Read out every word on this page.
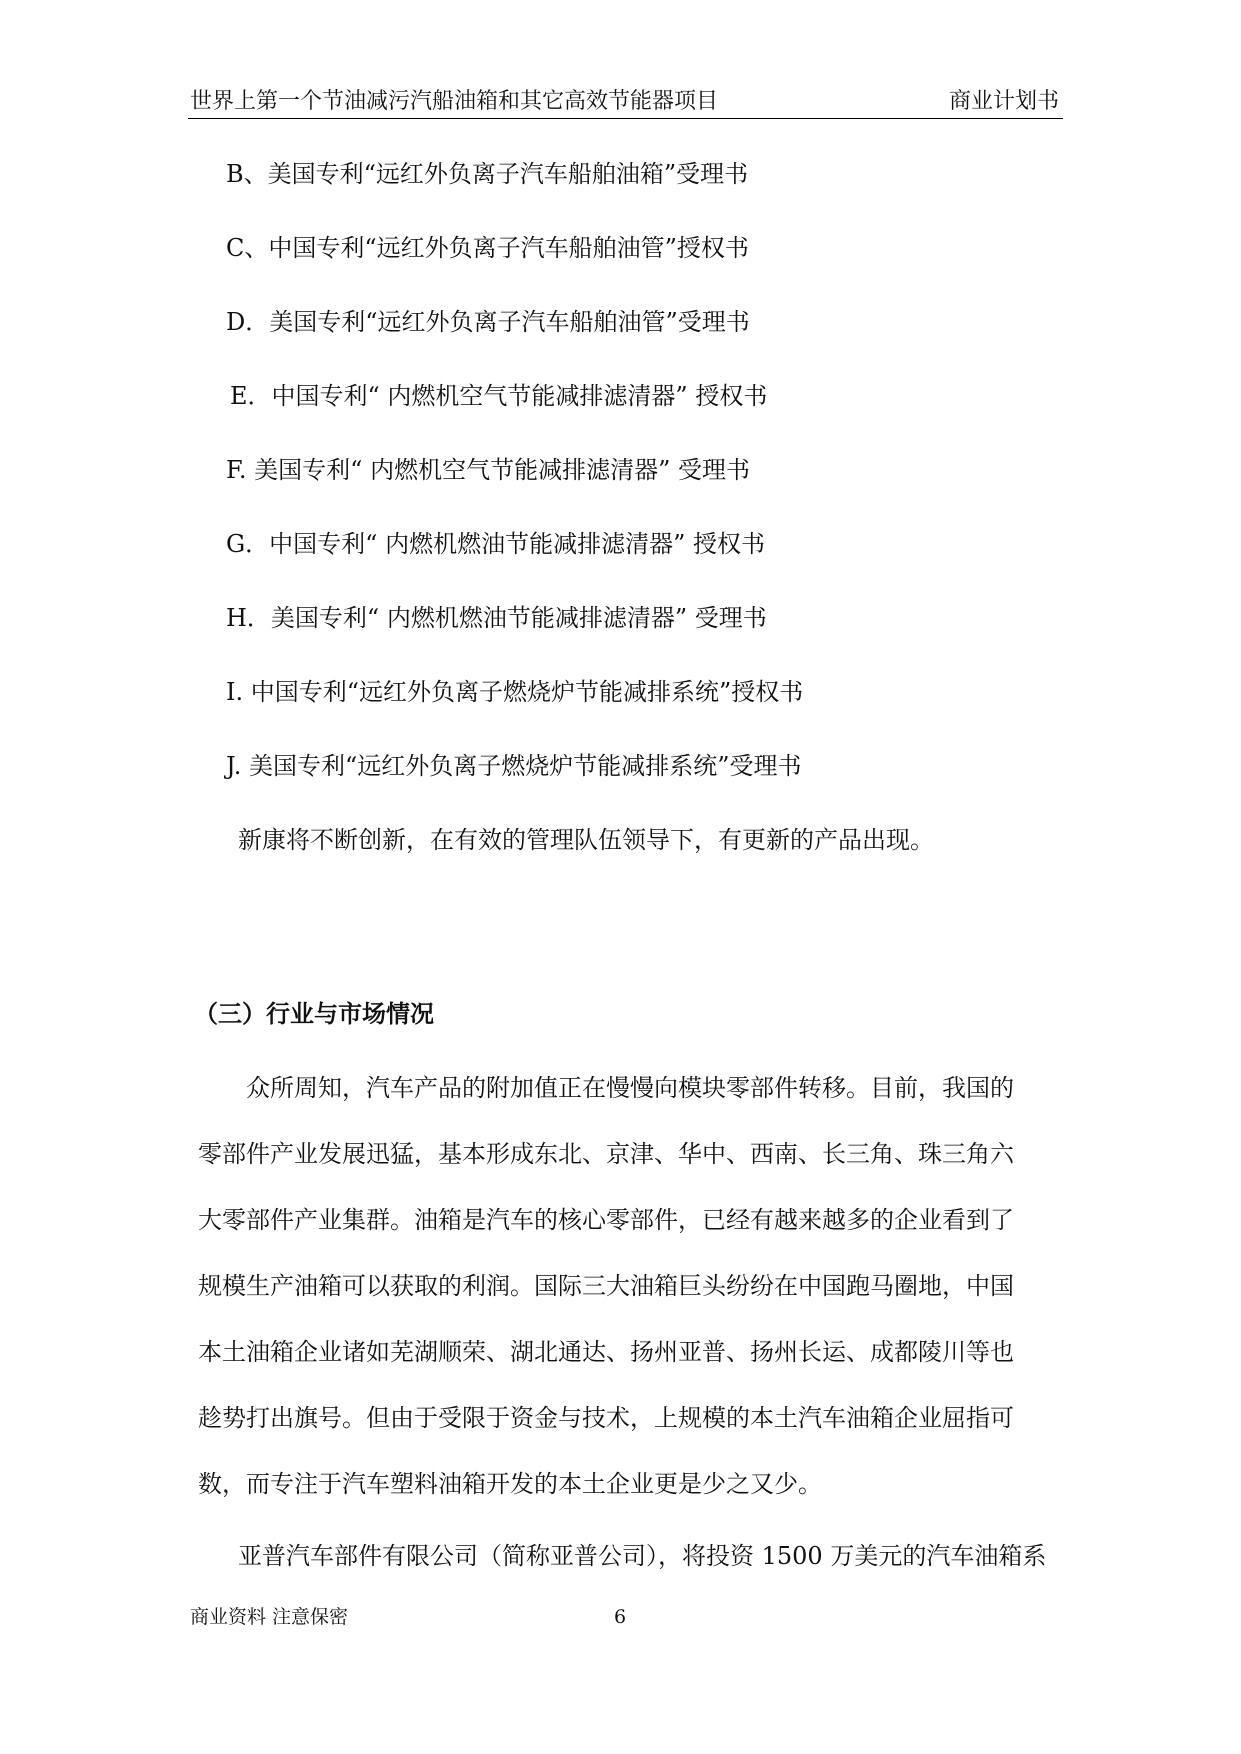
世界上第一个节油减污汽船油箱和其它高效节能器项目	商业计划书
B、美国专利“远红外负离子汽车船舶油箱”受理书
C、中国专利“远红外负离子汽车船舶油管”授权书
D．美国专利“远红外负离子汽车船舶油管”受理书
E．中国专利“ 内燃机空气节能减排滤清器” 授权书
F. 美国专利“ 内燃机空气节能减排滤清器” 受理书
G．中国专利“ 内燃机燃油节能减排滤清器” 授权书
H．美国专利“ 内燃机燃油节能减排滤清器” 受理书
I. 中国专利“远红外负离子燃烧炉节能减排系统”授权书
J. 美国专利“远红外负离子燃烧炉节能减排系统”受理书
新康将不断创新，在有效的管理队伍领导下，有更新的产品出现。
（三）行业与市场情况
众所周知，汽车产品的附加值正在慢慢向模块零部件转移。目前，我国的
零部件产业发展迅猛，基本形成东北、京津、华中、西南、长三角、珠三角六
大零部件产业集群。油箱是汽车的核心零部件，已经有越来越多的企业看到了
规模生产油箱可以获取的利润。国际三大油箱巨头纷纷在中国跑马圈地，中国
本土油箱企业诸如芜湖顺荣、湖北通达、扬州亚普、扬州长运、成都陵川等也
趁势打出旗号。但由于受限于资金与技术，上规模的本土汽车油箱企业屈指可
数，而专注于汽车塑料油箱开发的本土企业更是少之又少。
亚普汽车部件有限公司（简称亚普公司），将投资 1500 万美元的汽车油箱系
商业资料 注意保密	6
